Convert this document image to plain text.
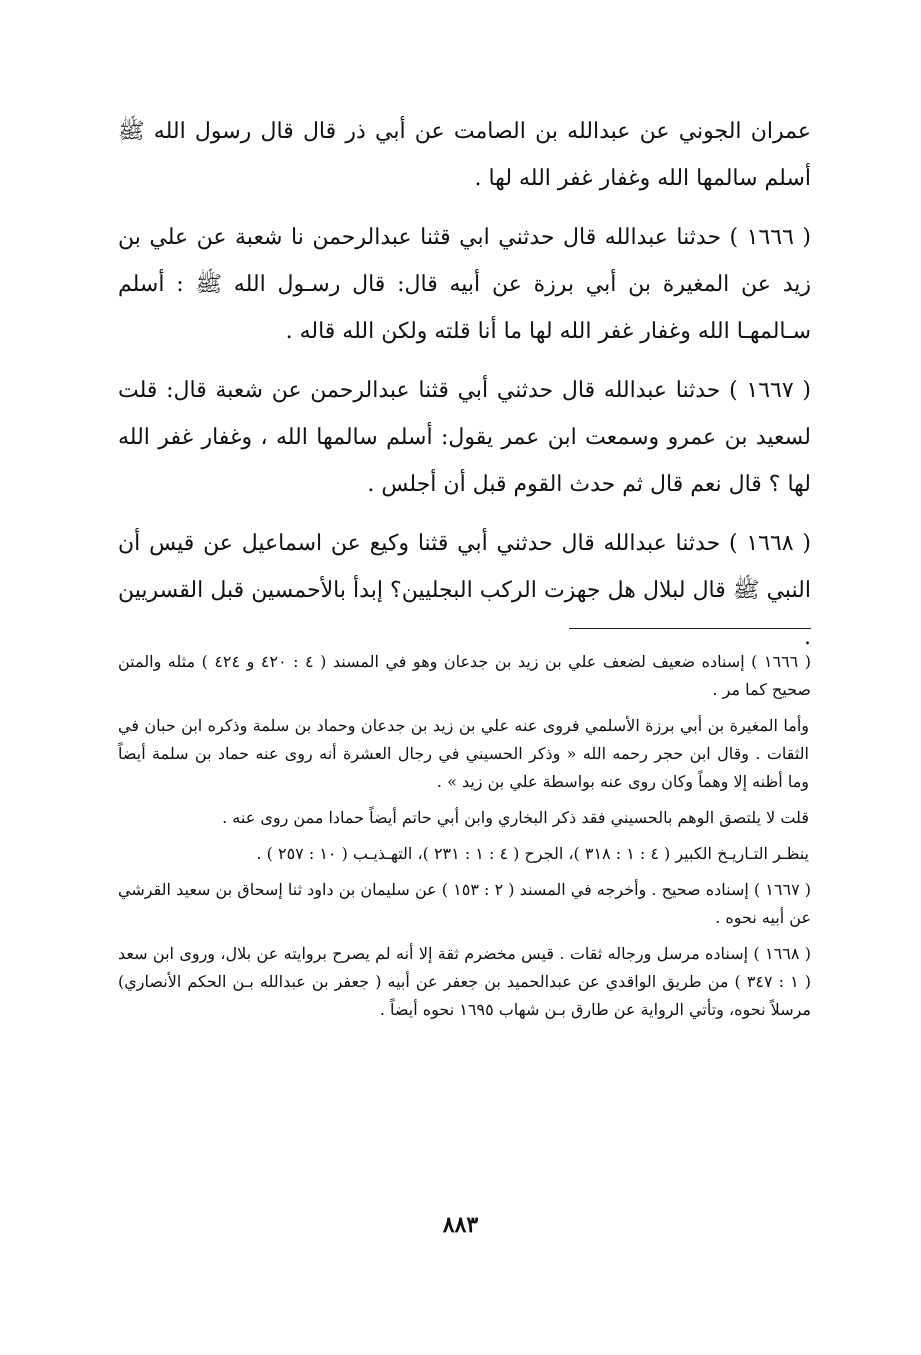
عمران الجوني عن عبدالله بن الصامت عن أبي ذر قال قال رسول الله ﷺ أسلم سالمها الله وغفار غفر الله لها .

( ١٦٦٦ ) حدثنا عبدالله قال حدثني ابي قثنا عبدالرحمن نا شعبة عن علي بن زيد عن المغيرة بن أبي برزة عن أبيه قال: قال رسـول الله ﷺ : أسلم سـالمهـا الله وغفار غفر الله لها ما أنا قلته ولكن الله قاله .

( ١٦٦٧ ) حدثنا عبدالله قال حدثني أبي قثنا عبدالرحمن عن شعبة قال: قلت لسعيد بن عمرو وسمعت ابن عمر يقول: أسلم سالمها الله ، وغفار غفر الله لها ؟ قال نعم قال ثم حدث القوم قبل أن أجلس .

( ١٦٦٨ ) حدثنا عبدالله قال حدثني أبي قثنا وكيع عن اسماعيل عن قيس أن النبي ﷺ قال لبلال هل جهزت الركب البجليين؟ إبدأ بالأحمسين قبل القسريين .

( ١٦٦٦ ) إسناده ضعيف لضعف علي بن زيد بن جدعان وهو في المسند ( ٤ : ٤٢٠ و ٤٢٤ ) مثله والمتن صحيح كما مر .

وأما المغيرة بن أبي برزة الأسلمي فروى عنه علي بن زيد بن جدعان وحماد بن سلمة وذكره ابن حبان في الثقات . وقال ابن حجر رحمه الله « وذكر الحسيني في رجال العشرة أنه روى عنه حماد بن سلمة أيضاً وما أظنه إلا وهماً وكان روى عنه بواسطة علي بن زيد » .

قلت لا يلتصق الوهم بالحسيني فقد ذكر البخاري وابن أبي حاتم أيضاً حمادا ممن روى عنه .

ينظـر التـاريـخ الكبير ( ٤ : ١ : ٣١٨ )، الجرح ( ٤ : ١ : ٢٣١ )، التهـذيـب ( ١٠ : ٢٥٧ ) .

( ١٦٦٧ ) إسناده صحيح . وأخرجه في المسند ( ٢ : ١٥٣ ) عن سليمان بن داود ثنا إسحاق بن سعيد القرشي عن أبيه نحوه .

( ١٦٦٨ ) إسناده مرسل ورجاله ثقات . قيس مخضرم ثقة إلا أنه لم يصرح بروايته عن بلال، وروى ابن سعد ( ١ : ٣٤٧ ) من طريق الواقدي عن عبدالحميد بن جعفر عن أبيه ( جعفر بن عبدالله بـن الحكم الأنصاري) مرسلاً نحوه، وتأتي الرواية عن طارق بـن شهاب ١٦٩٥ نحوه أيضاً .

٨٨٣
